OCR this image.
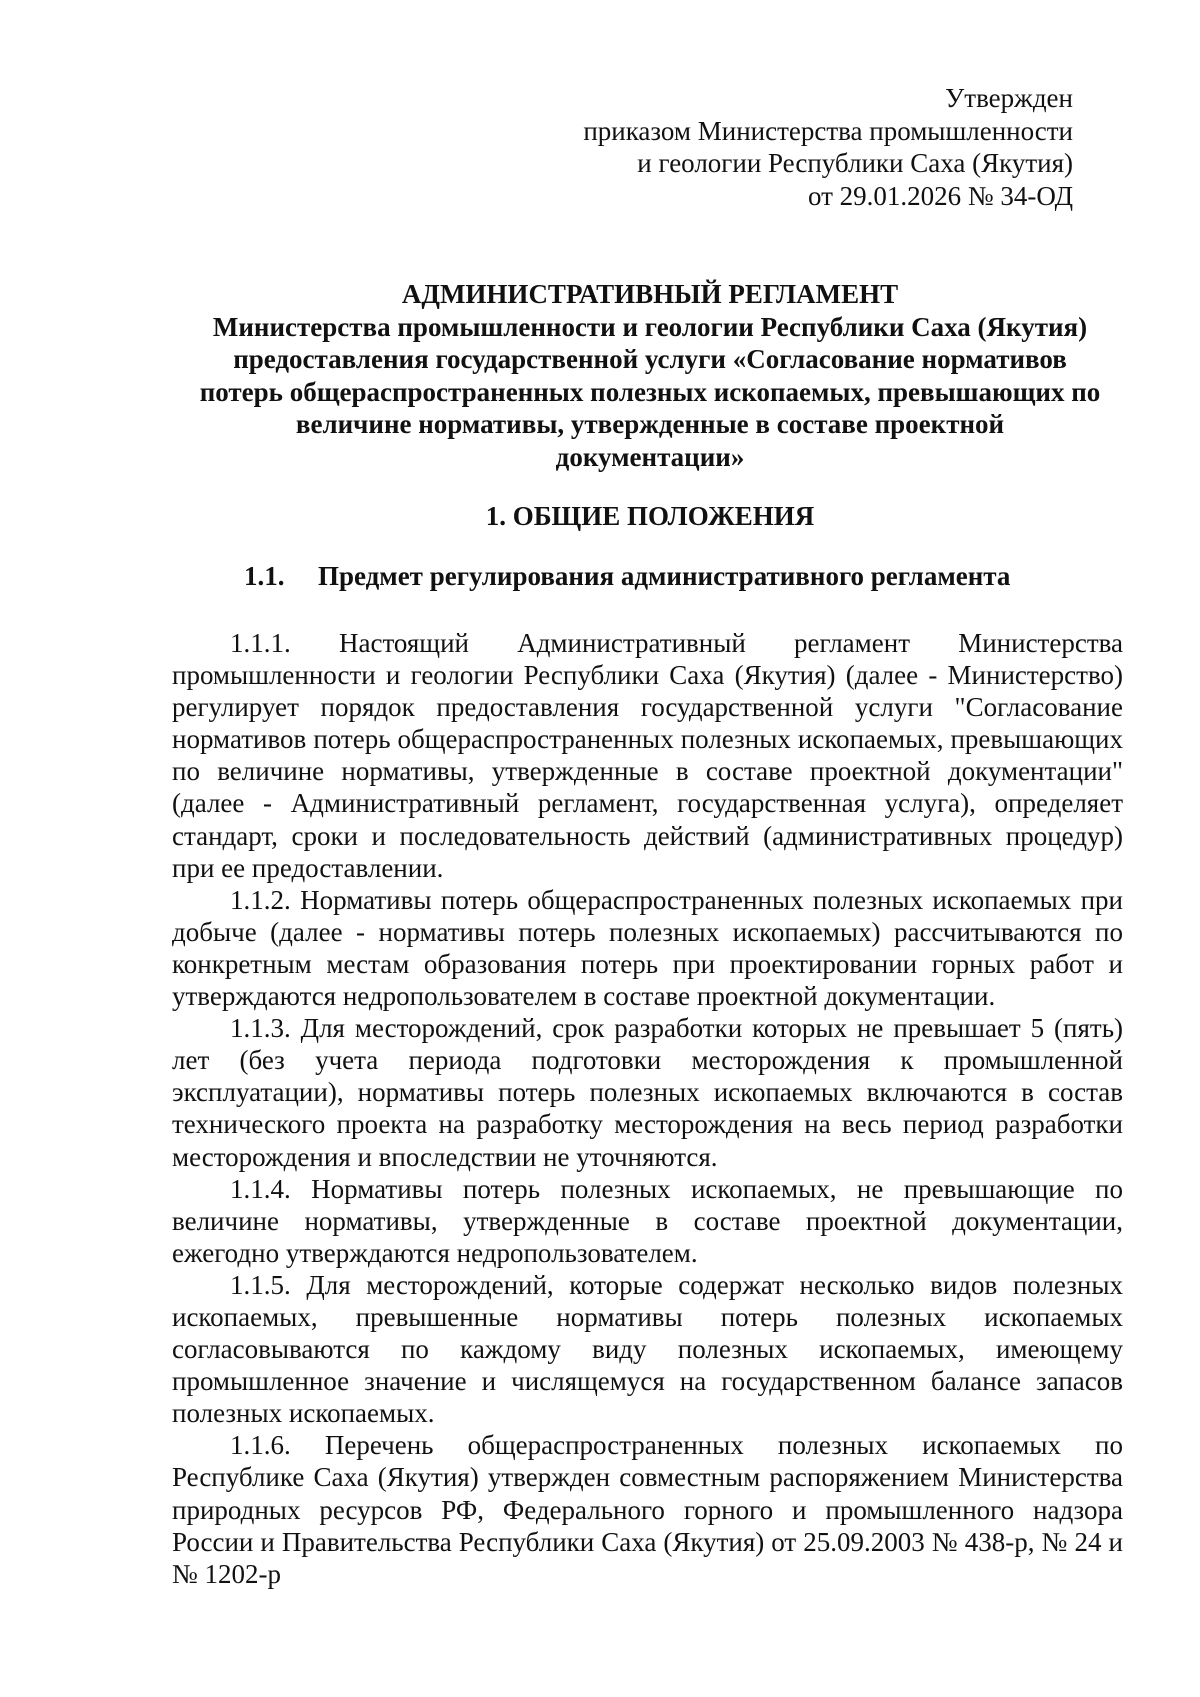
Утвержден
приказом Министерства промышленности
и геологии Республики Саха (Якутия)
от 29.01.2026 № 34-ОД
АДМИНИСТРАТИВНЫЙ РЕГЛАМЕНТ
Министерства промышленности и геологии Республики Саха (Якутия)
предоставления государственной услуги «Согласование нормативов
потерь общераспространенных полезных ископаемых, превышающих по
величине нормативы, утвержденные в составе проектной
документации»
1. ОБЩИЕ ПОЛОЖЕНИЯ
1.1. Предмет регулирования административного регламента

1.1.1. Настоящий Административный регламент Министерства промышленности и геологии Республики Саха (Якутия) (далее - Министерство) регулирует порядок предоставления государственной услуги "Согласование нормативов потерь общераспространенных полезных ископаемых, превышающих по величине нормативы, утвержденные в составе проектной документации" (далее - Административный регламент, государственная услуга), определяет стандарт, сроки и последовательность действий (административных процедур) при ее предоставлении.

1.1.2. Нормативы потерь общераспространенных полезных ископаемых при добыче (далее - нормативы потерь полезных ископаемых) рассчитываются по конкретным местам образования потерь при проектировании горных работ и утверждаются недропользователем в составе проектной документации.

1.1.3. Для месторождений, срок разработки которых не превышает 5 (пять) лет (без учета периода подготовки месторождения к промышленной эксплуатации), нормативы потерь полезных ископаемых включаются в состав технического проекта на разработку месторождения на весь период разработки месторождения и впоследствии не уточняются.

1.1.4. Нормативы потерь полезных ископаемых, не превышающие по величине нормативы, утвержденные в составе проектной документации, ежегодно утверждаются недропользователем.

1.1.5. Для месторождений, которые содержат несколько видов полезных ископаемых, превышенные нормативы потерь полезных ископаемых согласовываются по каждому виду полезных ископаемых, имеющему промышленное значение и числящемуся на государственном балансе запасов полезных ископаемых.

1.1.6. Перечень общераспространенных полезных ископаемых по Республике Саха (Якутия) утвержден совместным распоряжением Министерства природных ресурсов РФ, Федерального горного и промышленного надзора России и Правительства Республики Саха (Якутия) от 25.09.2003 № 438-р, № 24 и № 1202-р
